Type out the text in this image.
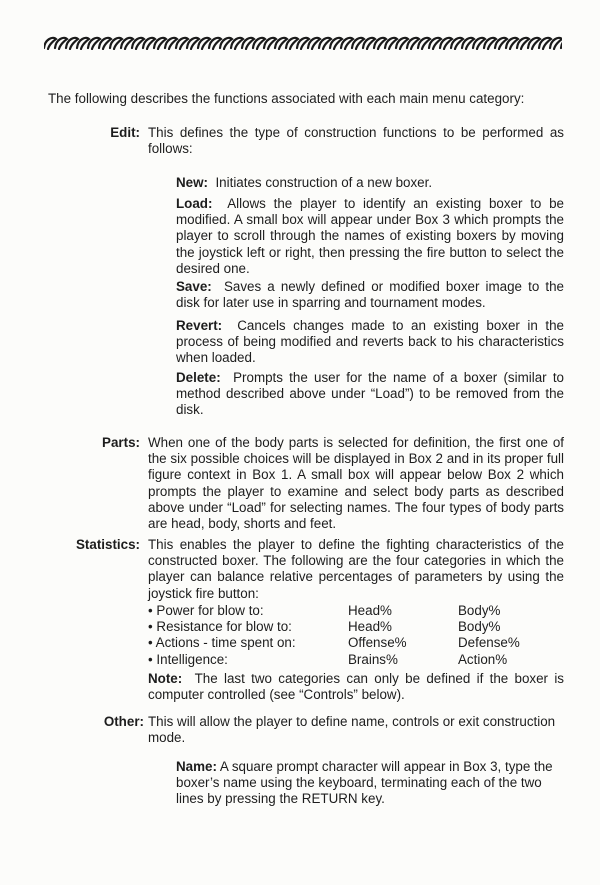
The following describes the functions associated with each main menu category:
Edit: This defines the type of construction functions to be performed as follows:
New: Initiates construction of a new boxer.
Load: Allows the player to identify an existing boxer to be modified. A small box will appear under Box 3 which prompts the player to scroll through the names of existing boxers by moving the joystick left or right, then pressing the fire button to select the desired one.
Save: Saves a newly defined or modified boxer image to the disk for later use in sparring and tournament modes.
Revert: Cancels changes made to an existing boxer in the process of being modified and reverts back to his characteristics when loaded.
Delete: Prompts the user for the name of a boxer (similar to method described above under “Load”) to be removed from the disk.
Parts: When one of the body parts is selected for definition, the first one of the six possible choices will be displayed in Box 2 and in its proper full figure context in Box 1. A small box will appear below Box 2 which prompts the player to examine and select body parts as described above under “Load” for selecting names. The four types of body parts are head, body, shorts and feet.
Statistics: This enables the player to define the fighting characteristics of the constructed boxer. The following are the four categories in which the player can balance relative percentages of parameters by using the joystick fire button:
• Power for blow to:	Head%	Body%
• Resistance for blow to:	Head%	Body%
• Actions - time spent on:	Offense%	Defense%
• Intelligence:	Brains%	Action%
Note: The last two categories can only be defined if the boxer is computer controlled (see “Controls” below).
Other: This will allow the player to define name, controls or exit construction mode.
Name: A square prompt character will appear in Box 3, type the boxer’s name using the keyboard, terminating each of the two lines by pressing the RETURN key.
